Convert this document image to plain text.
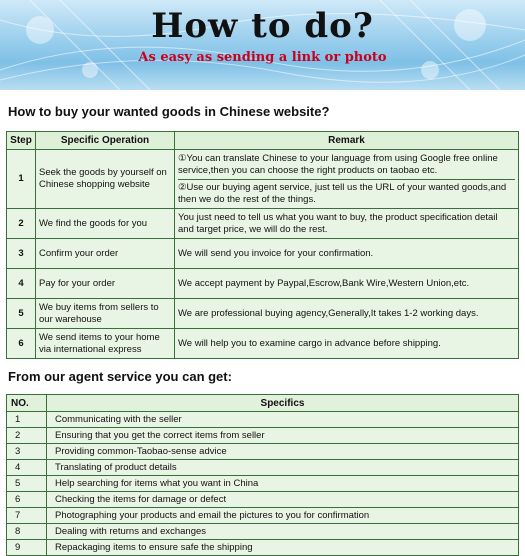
How to do?
As easy as sending a link or photo
How to buy your wanted goods in Chinese website?
Step	Specific Operation	Remark
1	Seek the goods by yourself on Chinese shopping website	①You can translate Chinese to your language from using Google free online service,then you can choose the right products on taobao etc.
②Use our buying agent service, just tell us the URL of your wanted goods,and then we do the rest of the things.

2	We find the goods for you	You just need to tell us what you want to buy, the product specification detail and target price, we will do the rest.
3	Confirm your order	We will send you invoice for your confirmation.
4	Pay for your order	We accept payment by Paypal,Escrow,Bank Wire,Western Union,etc.
5	We buy items from sellers to our warehouse	We are professional buying agency,Generally,It takes 1-2 working days.
6	We send items to your home via international express	We will help you to examine cargo in advance before shipping.
From our agent service you can get:
NO.	Specifics
1	Communicating with the seller
2	Ensuring that you get the correct items from seller
3	Providing common-Taobao-sense advice
4	Translating of product details
5	Help searching for items what you want in China
6	Checking the items for damage or defect
7	Photographing your products and email the pictures to you for confirmation
8	Dealing with returns and exchanges
9	Repackaging items to ensure safe the shipping
